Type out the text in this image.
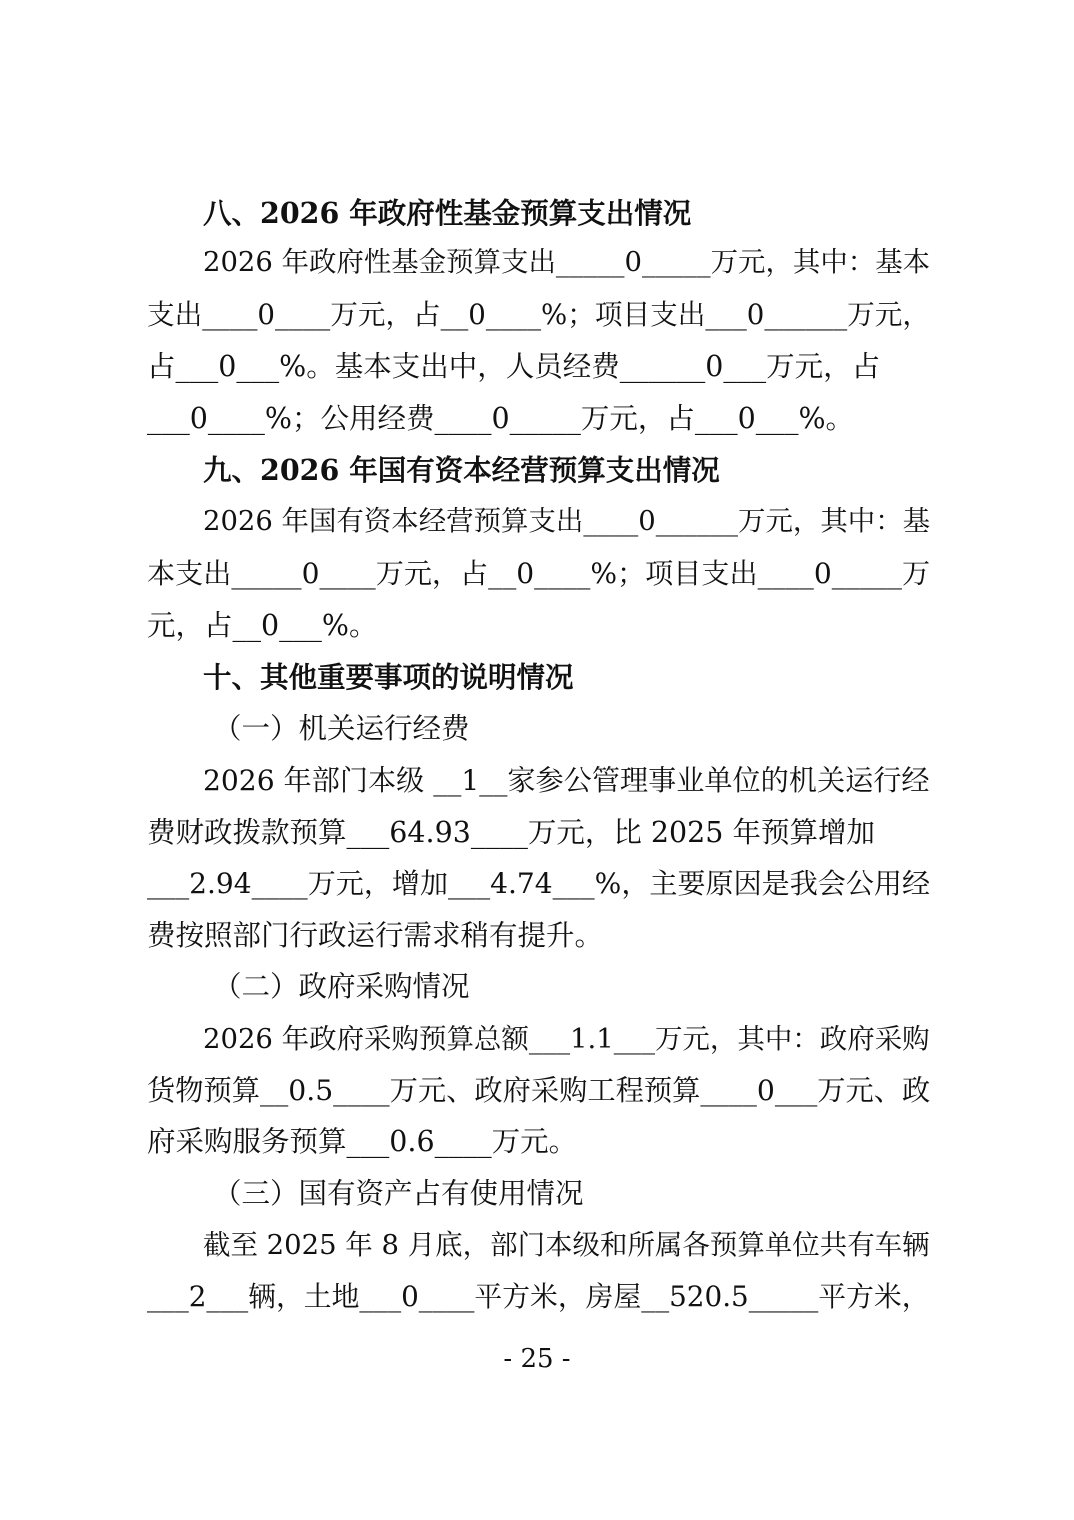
八、2026 年政府性基金预算支出情况
2026 年政府性基金预算支出_____0_____万元，其中：基本
支出____0____万元，占__0____%；项目支出___0______万元，
占___0___%。基本支出中，人员经费______0___万元，占
___0____%；公用经费____0_____万元，占___0___%。
九、2026 年国有资本经营预算支出情况
2026 年国有资本经营预算支出____0______万元，其中：基
本支出_____0____万元，占__0____%；项目支出____0_____万
元，占__0___%。
十、其他重要事项的说明情况
（一）机关运行经费
2026 年部门本级 __1__家参公管理事业单位的机关运行经
费财政拨款预算___64.93____万元，比 2025 年预算增加
___2.94____万元，增加___4.74___%，主要原因是我会公用经
费按照部门行政运行需求稍有提升。
（二）政府采购情况
2026 年政府采购预算总额___1.1___万元，其中：政府采购
货物预算__0.5____万元、政府采购工程预算____0___万元、政
府采购服务预算___0.6____万元。
（三）国有资产占有使用情况
截至 2025 年 8 月底，部门本级和所属各预算单位共有车辆
___2___辆，土地___0____平方米，房屋__520.5_____平方米，
- 25 -
